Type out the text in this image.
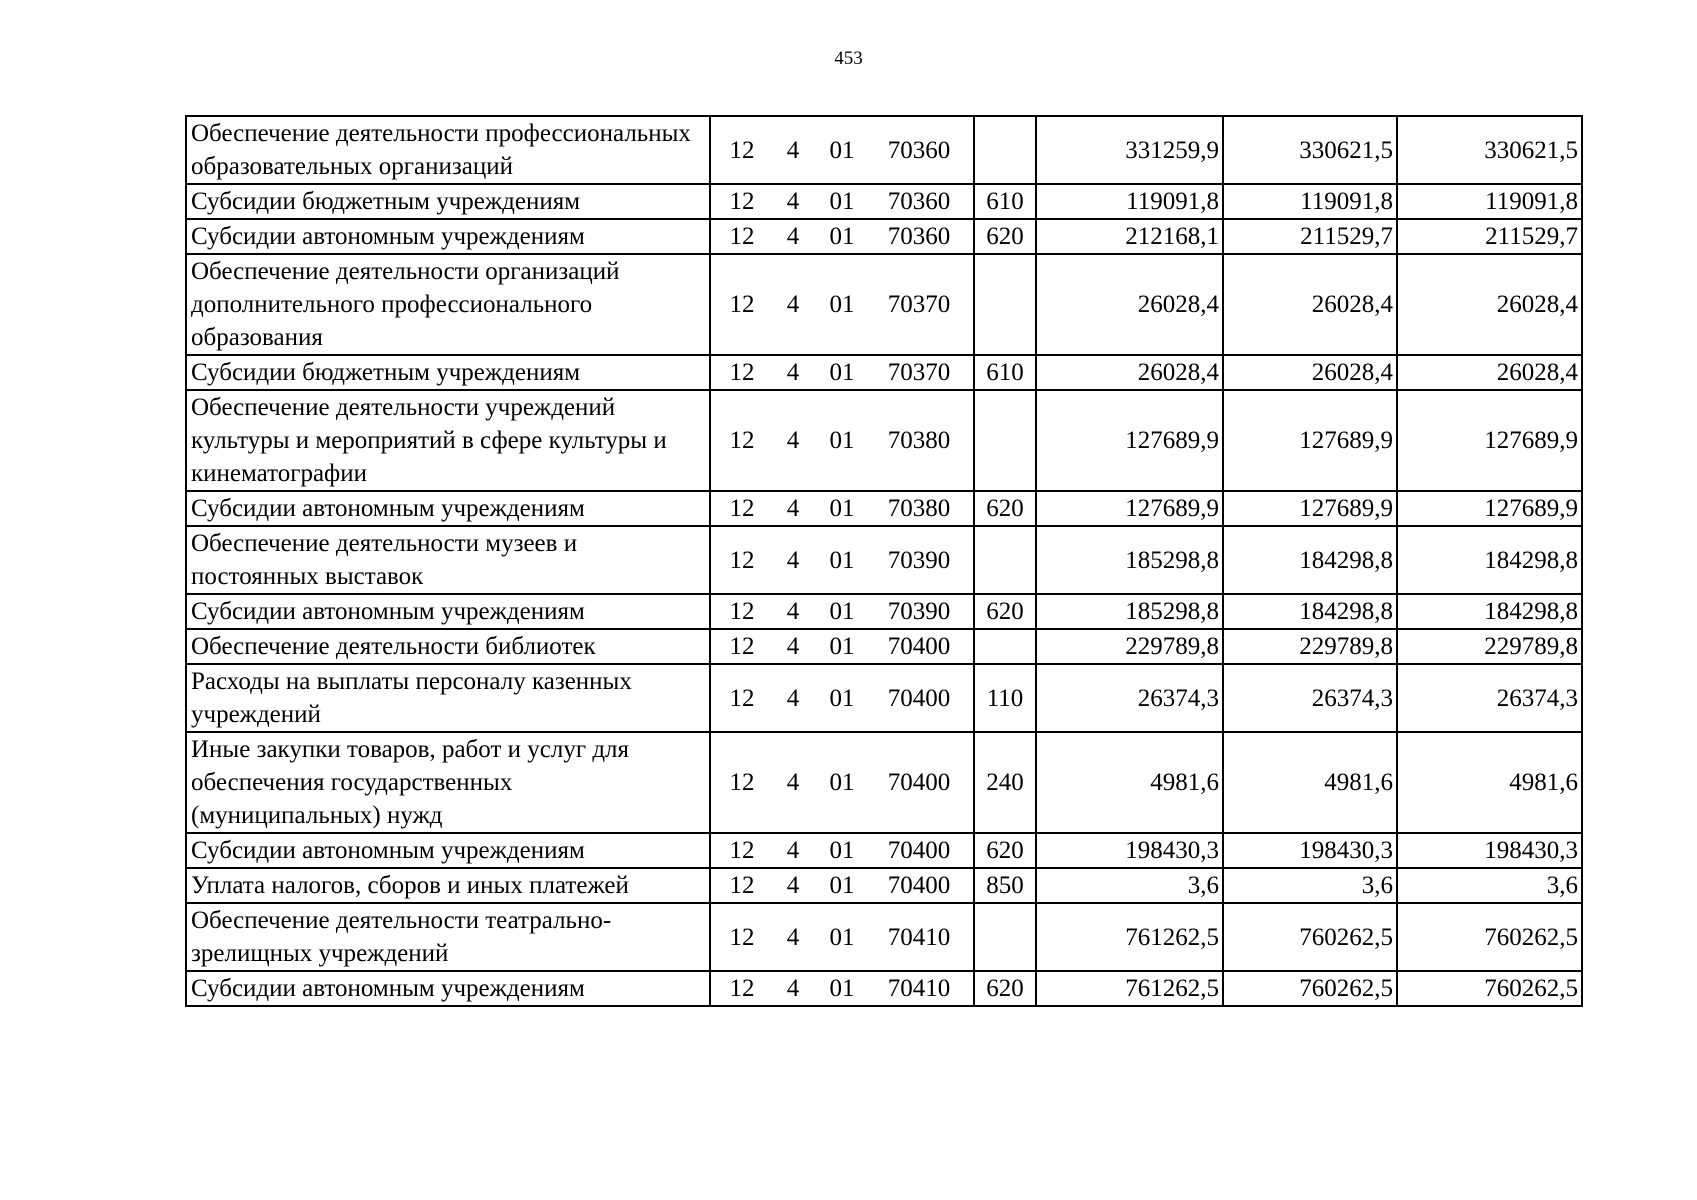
453
Обеспечение деятельности профессиональных образовательных организаций	12 4 01 70360		331259,9	330621,5	330621,5
Субсидии бюджетным учреждениям	12 4 01 70360	610	119091,8	119091,8	119091,8
Субсидии автономным учреждениям	12 4 01 70360	620	212168,1	211529,7	211529,7
Обеспечение деятельности организаций дополнительного профессионального образования	12 4 01 70370		26028,4	26028,4	26028,4
Субсидии бюджетным учреждениям	12 4 01 70370	610	26028,4	26028,4	26028,4
Обеспечение деятельности учреждений культуры и мероприятий в сфере культуры и кинематографии	12 4 01 70380		127689,9	127689,9	127689,9
Субсидии автономным учреждениям	12 4 01 70380	620	127689,9	127689,9	127689,9
Обеспечение деятельности музеев и постоянных выставок	12 4 01 70390		185298,8	184298,8	184298,8
Субсидии автономным учреждениям	12 4 01 70390	620	185298,8	184298,8	184298,8
Обеспечение деятельности библиотек	12 4 01 70400		229789,8	229789,8	229789,8
Расходы на выплаты персоналу казенных учреждений	12 4 01 70400	110	26374,3	26374,3	26374,3
Иные закупки товаров, работ и услуг для обеспечения государственных (муниципальных) нужд	12 4 01 70400	240	4981,6	4981,6	4981,6
Субсидии автономным учреждениям	12 4 01 70400	620	198430,3	198430,3	198430,3
Уплата налогов, сборов и иных платежей	12 4 01 70400	850	3,6	3,6	3,6
Обеспечение деятельности театрально-зрелищных учреждений	12 4 01 70410		761262,5	760262,5	760262,5
Субсидии автономным учреждениям	12 4 01 70410	620	761262,5	760262,5	760262,5
